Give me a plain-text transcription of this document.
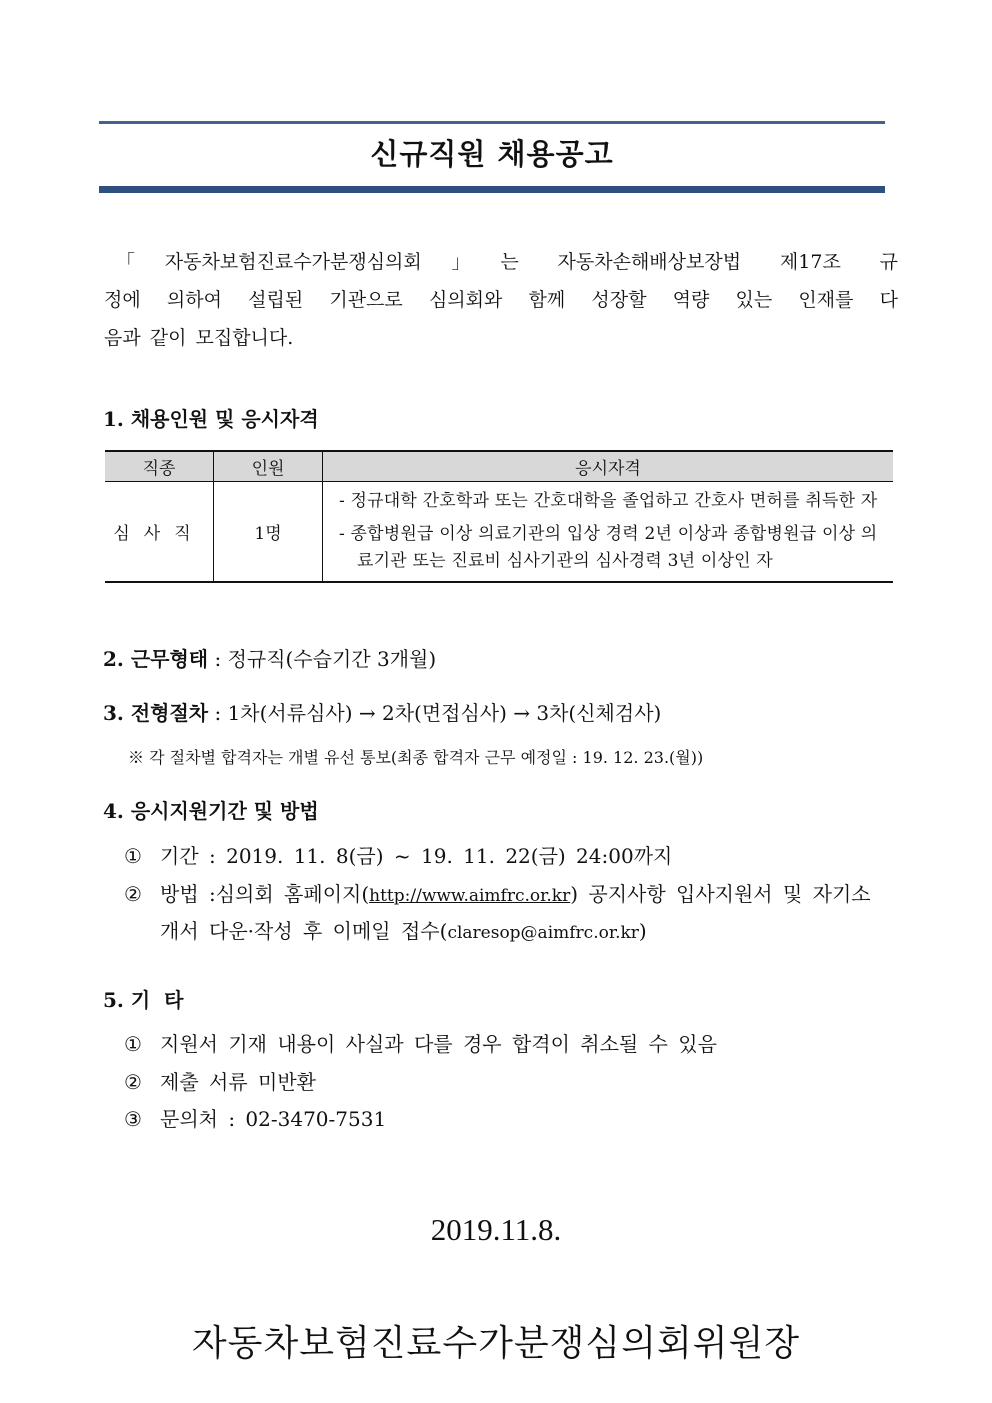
신규직원 채용공고
「자동차보험진료수가분쟁심의회」는 자동차손해배상보장법 제17조 규
정에 의하여 설립된 기관으로 심의회와 함께 성장할 역량 있는 인재를 다
음과 같이 모집합니다.
1. 채용인원 및 응시자격
직종	인원	응시자격
심사직	1명	- 정규대학 간호학과 또는 간호대학을 졸업하고 간호사 면허를 취득한 자
- 종합병원급 이상 의료기관의 입상 경력 2년 이상과 종합병원급 이상 의료기관 또는 진료비 심사기관의 심사경력 3년 이상인 자
2. 근무형태 : 정규직(수습기간 3개월)
3. 전형절차 : 1차(서류심사) → 2차(면접심사) → 3차(신체검사)
※ 각 절차별 합격자는 개별 유선 통보(최종 합격자 근무 예정일 : 19. 12. 23.(월))
4. 응시지원기간 및 방법
① 기간 : 2019. 11. 8(금) ~ 19. 11. 22(금) 24:00까지
② 방법 :심의회 홈페이지(http://www.aimfrc.or.kr) 공지사항 입사지원서 및 자기소
개서 다운·작성 후 이메일 접수(claresop@aimfrc.or.kr)
5. 기  타
① 지원서 기재 내용이 사실과 다를 경우 합격이 취소될 수 있음
② 제출 서류 미반환
③ 문의처 : 02-3470-7531
2019.11.8.
자동차보험진료수가분쟁심의회위원장
